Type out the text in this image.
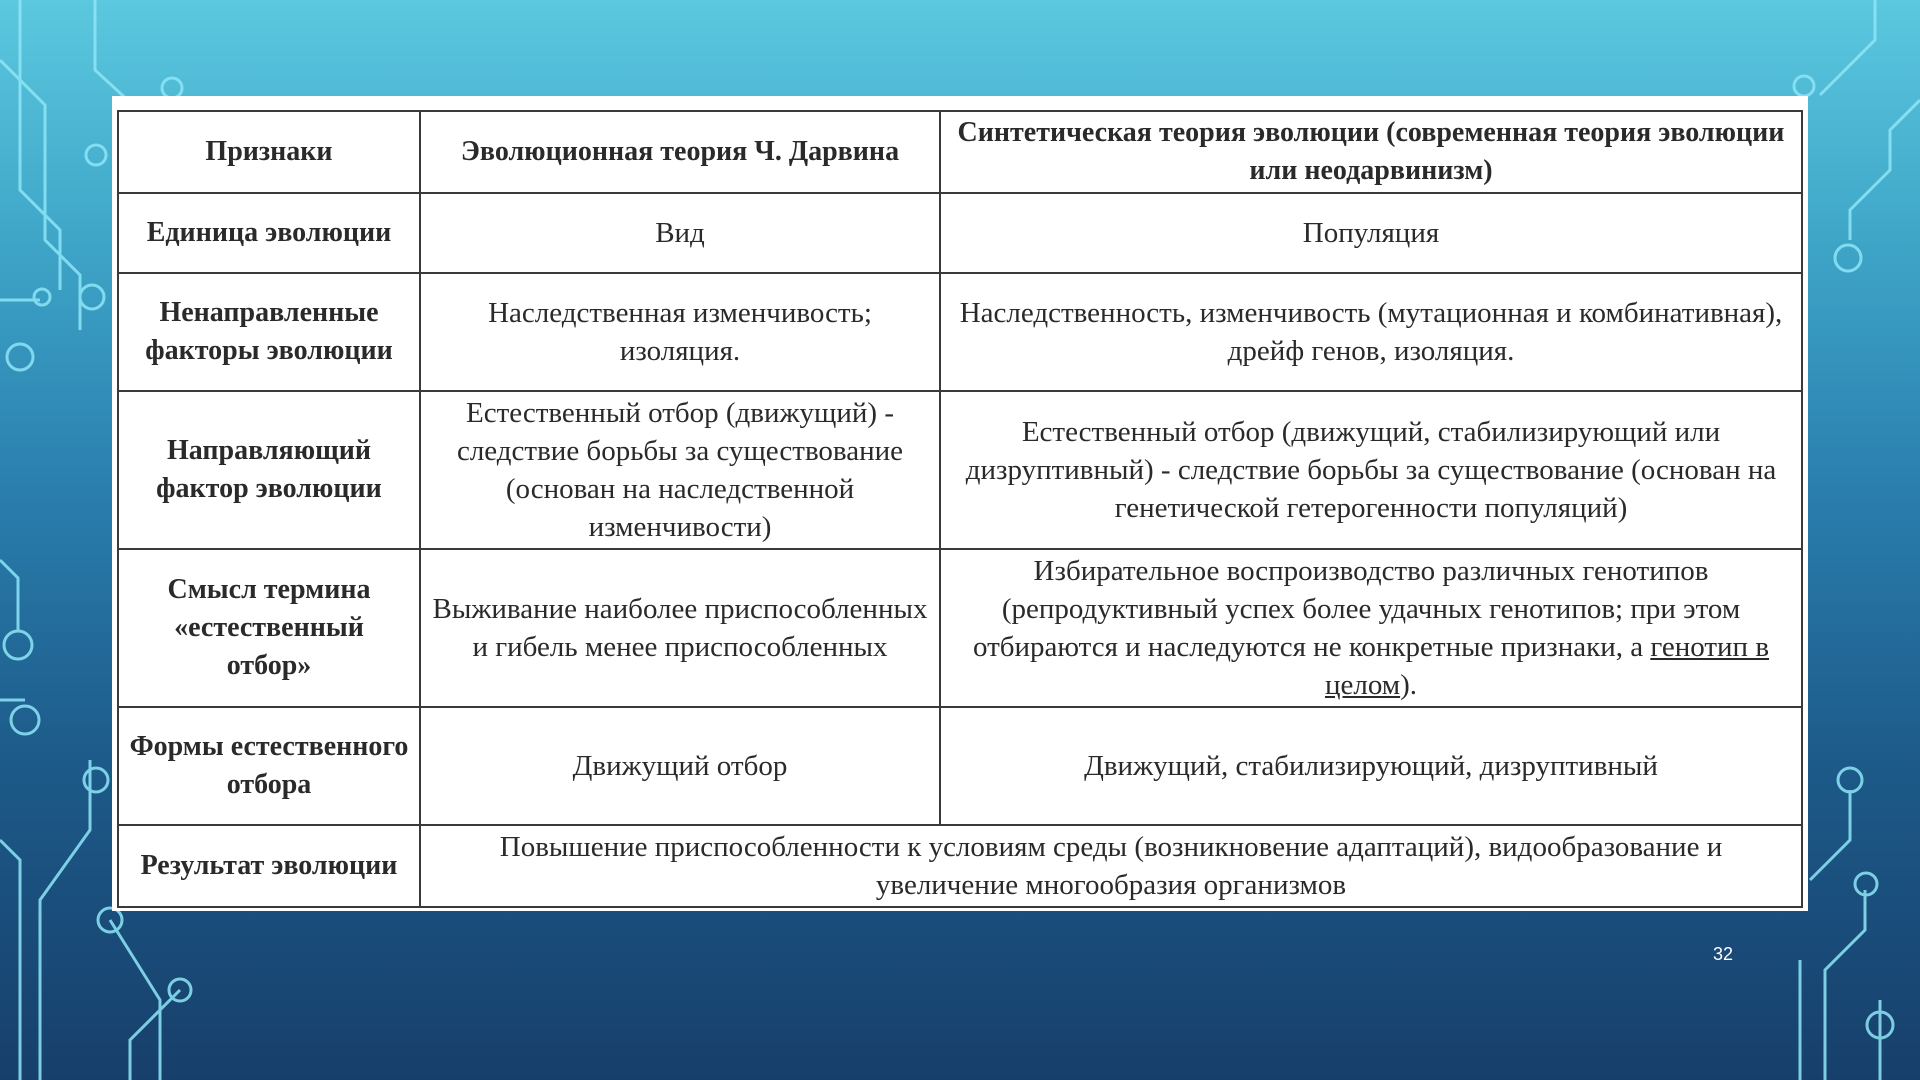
Признаки	Эволюционная теория Ч. Дарвина	Синтетическая теория эволюции (современная теория эволюции или неодарвинизм)
Единица эволюции	Вид	Популяция
Ненаправленные факторы эволюции	Наследственная изменчивость; изоляция.	Наследственность, изменчивость (мутационная и комбинативная), дрейф генов, изоляция.
Направляющий фактор эволюции	Естественный отбор (движущий) - следствие борьбы за существование (основан на наследственной изменчивости)	Естественный отбор (движущий, стабилизирующий или дизруптивный) - следствие борьбы за существование (основан на генетической гетерогенности популяций)
Смысл термина «естественный отбор»	Выживание наиболее приспособленных и гибель менее приспособленных	Избирательное воспроизводство различных генотипов (репродуктивный успех более удачных генотипов; при этом отбираются и наследуются не конкретные признаки, а генотип в целом).
Формы естественного отбора	Движущий отбор	Движущий, стабилизирующий, дизруптивный
Результат эволюции	Повышение приспособленности к условиям среды (возникновение адаптаций), видообразование и увеличение многообразия организмов	
32
